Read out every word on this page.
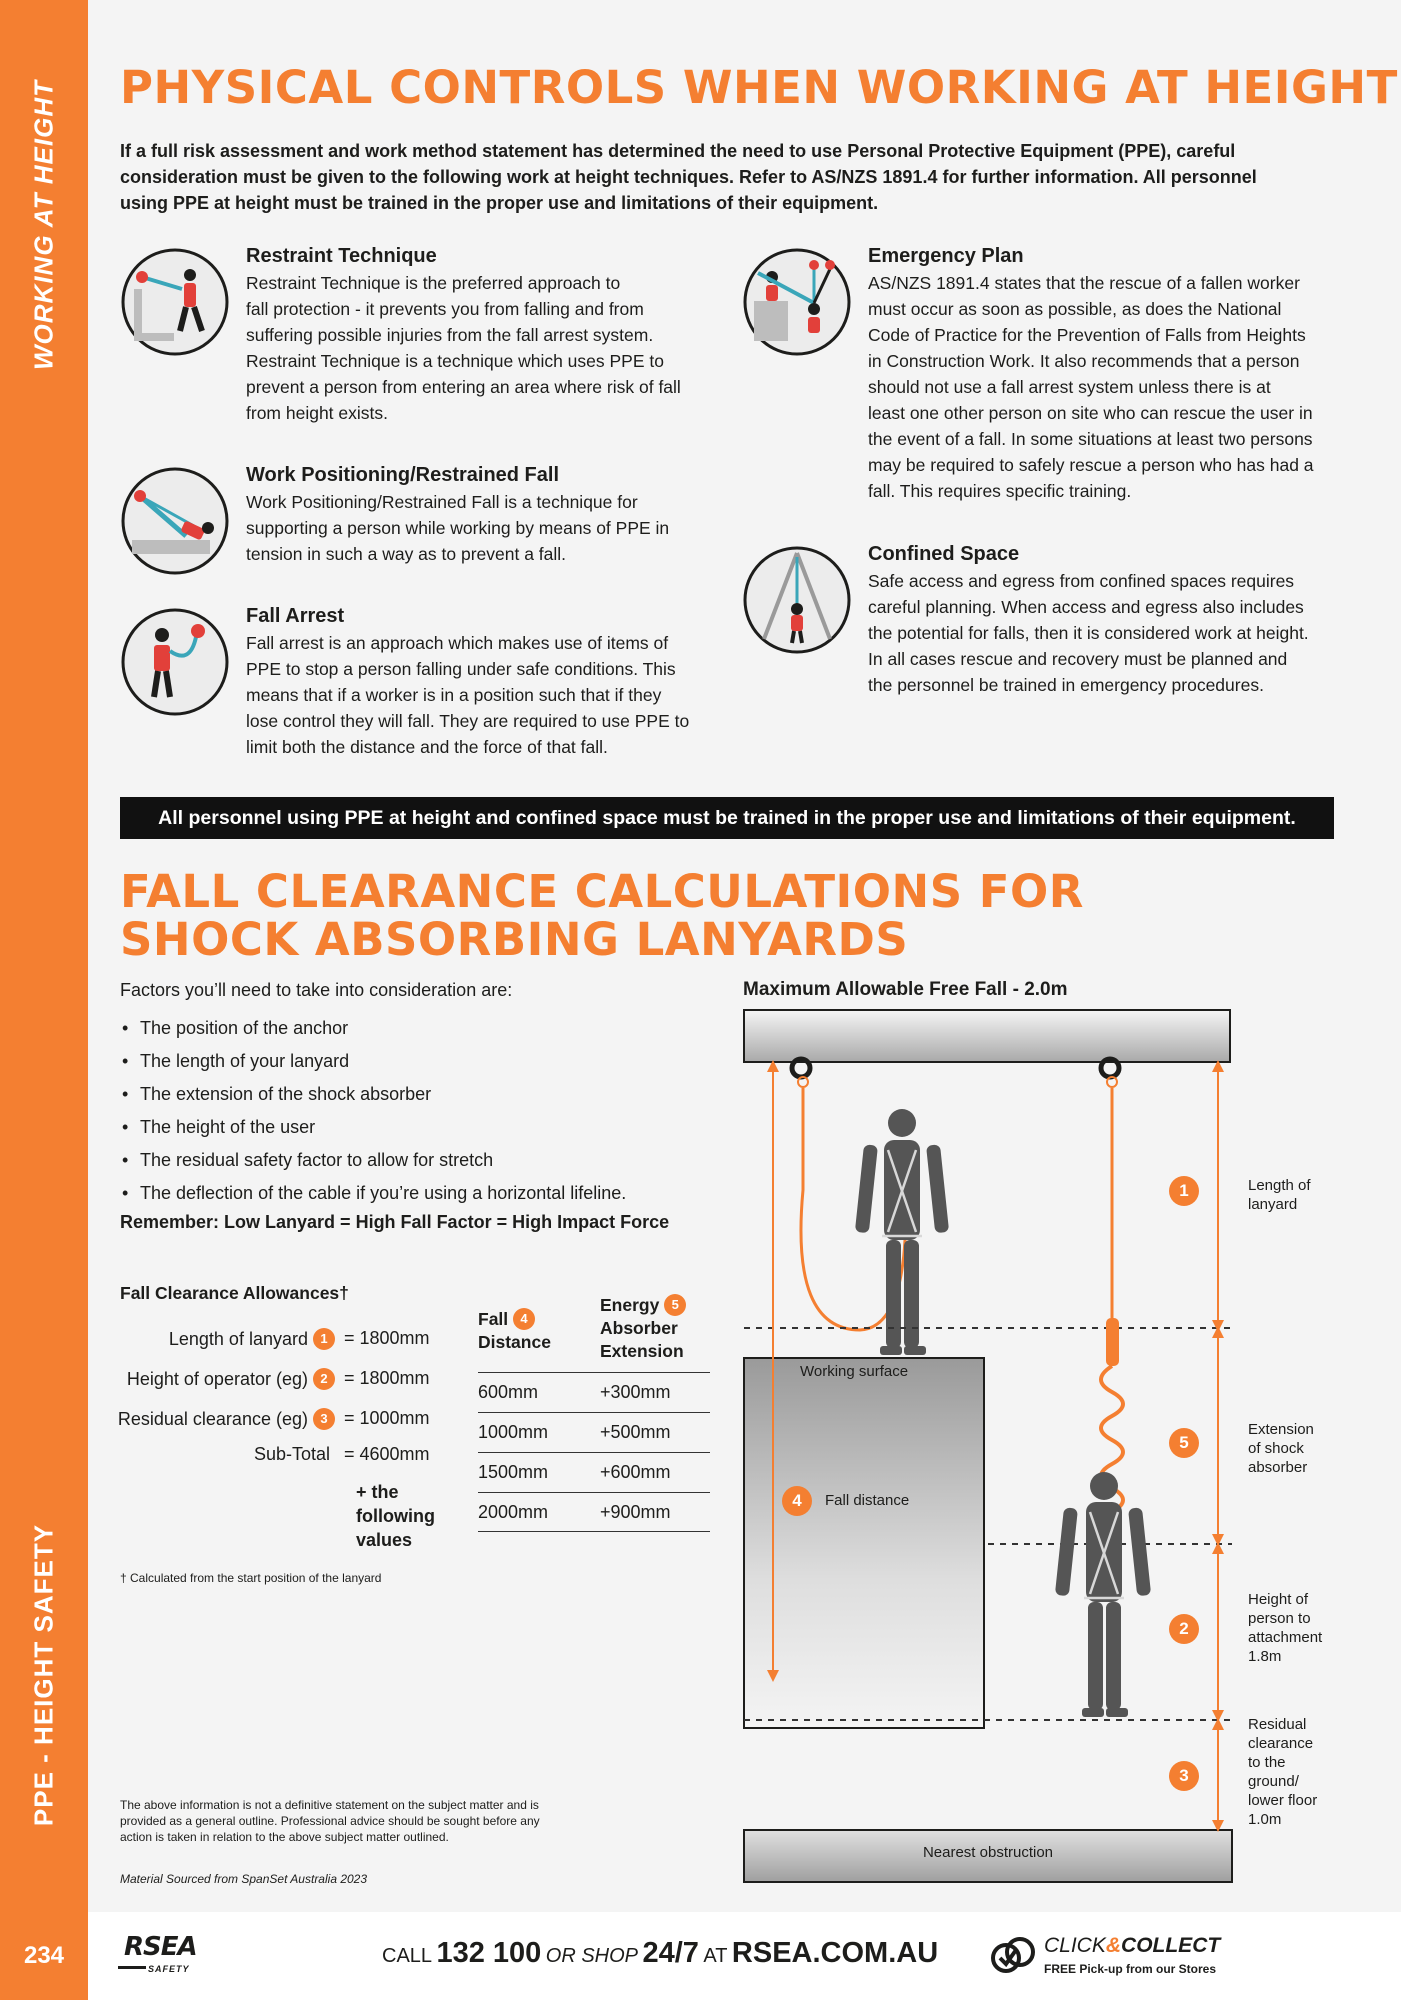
WORKING AT HEIGHT
PPE - HEIGHT SAFETY
234
PHYSICAL CONTROLS WHEN WORKING AT HEIGHT
If a full risk assessment and work method statement has determined the need to use Personal Protective Equipment (PPE), careful
consideration must be given to the following work at height techniques. Refer to AS/NZS 1891.4 for further information. All personnel
using PPE at height must be trained in the proper use and limitations of their equipment.
Restraint Technique
Restraint Technique is the preferred approach to
fall protection - it prevents you from falling and from
suffering possible injuries from the fall arrest system.
Restraint Technique is a technique which uses PPE to
prevent a person from entering an area where risk of fall
from height exists.
Work Positioning/Restrained Fall
Work Positioning/Restrained Fall is a technique for
supporting a person while working by means of PPE in
tension in such a way as to prevent a fall.
Fall Arrest
Fall arrest is an approach which makes use of items of
PPE to stop a person falling under safe conditions. This
means that if a worker is in a position such that if they
lose control they will fall. They are required to use PPE to
limit both the distance and the force of that fall.
Emergency Plan
AS/NZS 1891.4 states that the rescue of a fallen worker
must occur as soon as possible, as does the National
Code of Practice for the Prevention of Falls from Heights
in Construction Work. It also recommends that a person
should not use a fall arrest system unless there is at
least one other person on site who can rescue the user in
the event of a fall. In some situations at least two persons
may be required to safely rescue a person who has had a
fall. This requires specific training.
Confined Space
Safe access and egress from confined spaces requires
careful planning. When access and egress also includes
the potential for falls, then it is considered work at height.
In all cases rescue and recovery must be planned and
the personnel be trained in emergency procedures.
All personnel using PPE at height and confined space must be trained in the proper use and limitations of their equipment.
FALL CLEARANCE CALCULATIONS FOR
SHOCK ABSORBING LANYARDS
Factors you’ll need to take into consideration are:
• The position of the anchor
• The length of your lanyard
• The extension of the shock absorber
• The height of the user
• The residual safety factor to allow for stretch
• The deflection of the cable if you’re using a horizontal lifeline.
Remember: Low Lanyard = High Fall Factor = High Impact Force
Fall Clearance Allowances†
Length of lanyard 1 = 1800mm
Height of operator (eg) 2 = 1800mm
Residual clearance (eg) 3 = 1000mm
Sub-Total = 4600mm
+ the
following
values
† Calculated from the start position of the lanyard
Fall 4
Distance
Energy 5
Absorber
Extension
600mm	+300mm
1000mm	+500mm
1500mm	+600mm
2000mm	+900mm
The above information is not a definitive statement on the subject matter and is
provided as a general outline. Professional advice should be sought before any
action is taken in relation to the above subject matter outlined.
Material Sourced from SpanSet Australia 2023
Maximum Allowable Free Fall - 2.0m
1
5
2
3
4
Working surface
Fall distance
Nearest obstruction
Length of
lanyard
Extension
of shock
absorber
Height of
person to
attachment
1.8m
Residual
clearance
to the
ground/
lower floor
1.0m
RSEA
SAFETY
CALL 132 100 OR SHOP 24/7 AT RSEA.COM.AU	CLICK&COLLECT
FREE Pick-up from our Stores
